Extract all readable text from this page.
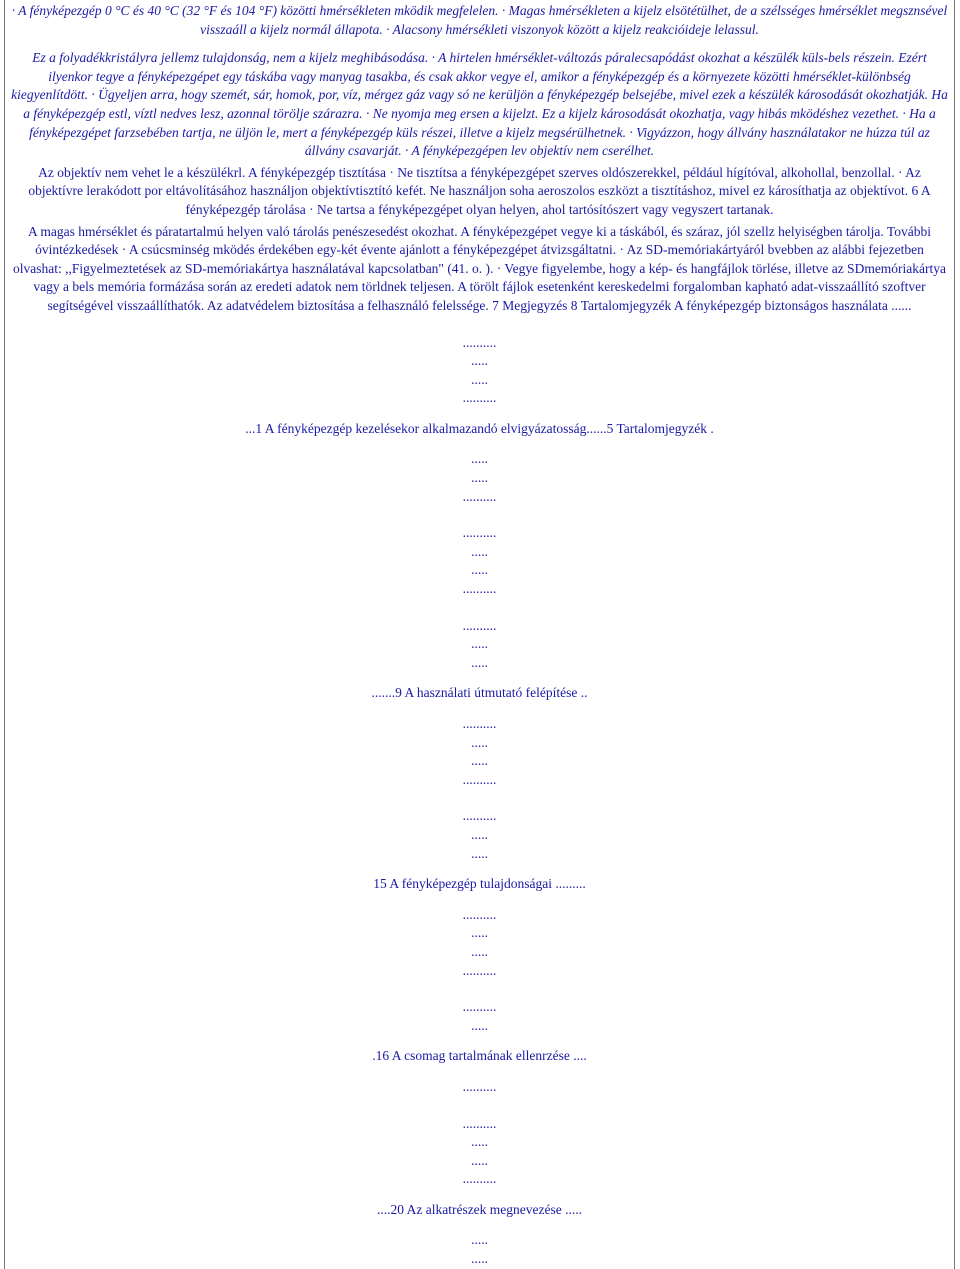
· A fényképezgép 0 °C és 40 °C (32 °F és 104 °F) közötti hmérsékleten mködik megfelelen. · Magas hmérsékleten a kijelz elsötétülhet, de a szélsséges hmérséklet megsznsével visszaáll a kijelz normál állapota. · Alacsony hmérsékleti viszonyok között a kijelz reakcióideje lelassul.

Ez a folyadékkristályra jellemz tulajdonság, nem a kijelz meghibásodása. · A hirtelen hmérséklet-változás páralecsapódást okozhat a készülék küls-bels részein. Ezért ilyenkor tegye a fényképezgépet egy táskába vagy manyag tasakba, és csak akkor vegye el, amikor a fényképezgép és a környezete közötti hmérséklet-különbség kiegyenlítdött. · Ügyeljen arra, hogy szemét, sár, homok, por, víz, mérgez gáz vagy só ne kerüljön a fényképezgép belsejébe, mivel ezek a készülék károsodását okozhatják. Ha a fényképezgép estl, víztl nedves lesz, azonnal törölje szárazra. · Ne nyomja meg ersen a kijelzt. Ez a kijelz károsodását okozhatja, vagy hibás mködéshez vezethet. · Ha a fényképezgépet farzsebében tartja, ne üljön le, mert a fényképezgép küls részei, illetve a kijelz megsérülhetnek. · Vigyázzon, hogy állvány használatakor ne húzza túl az állvány csavarját. · A fényképezgépen lev objektív nem cserélhet.

Az objektív nem vehet le a készülékrl. A fényképezgép tisztítása · Ne tisztítsa a fényképezgépet szerves oldószerekkel, például hígítóval, alkohollal, benzollal. · Az objektívre lerakódott por eltávolításához használjon objektívtisztító kefét. Ne használjon soha aeroszolos eszközt a tisztításhoz, mivel ez károsíthatja az objektívot. 6 A fényképezgép tárolása · Ne tartsa a fényképezgépet olyan helyen, ahol tartósítószert vagy vegyszert tartanak.

A magas hmérséklet és páratartalmú helyen való tárolás penészesedést okozhat. A fényképezgépet vegye ki a táskából, és száraz, jól szellz helyiségben tárolja. További óvintézkedések · A csúcsminség mködés érdekében egy-két évente ajánlott a fényképezgépet átvizsgáltatni. · Az SD-memóriakártyáról bvebben az alábbi fejezetben olvashat: ,,Figyelmeztetések az SD-memóriakártya használatával kapcsolatban" (41. o. ). · Vegye figyelembe, hogy a kép- és hangfájlok törlése, illetve az SDmemóriakártya vagy a bels memória formázása során az eredeti adatok nem törldnek teljesen. A törölt fájlok esetenként kereskedelmi forgalomban kapható adat-visszaállító szoftver segítségével visszaállíthatók. Az adatvédelem biztosítása a felhasználó felelssége. 7 Megjegyzés 8 Tartalomjegyzék A fényképezgép biztonságos használata ......

..........
.....
.....
..........
...1 A fényképezgép kezelésekor alkalmazandó elvigyázatosság......5 Tartalomjegyzék .
.....
.....
..........
..........
.....
.....
..........
..........
.....
.....
.......9 A használati útmutató felépítése ..
..........
.....
.....
..........
..........
.....
.....
15 A fényképezgép tulajdonságai .........
..........
.....
.....
..........
..........
.....
.16 A csomag tartalmának ellenrzése ....
..........
..........
.....
.....
..........
....20 Az alkatrészek megnevezése .....
.....
.....
